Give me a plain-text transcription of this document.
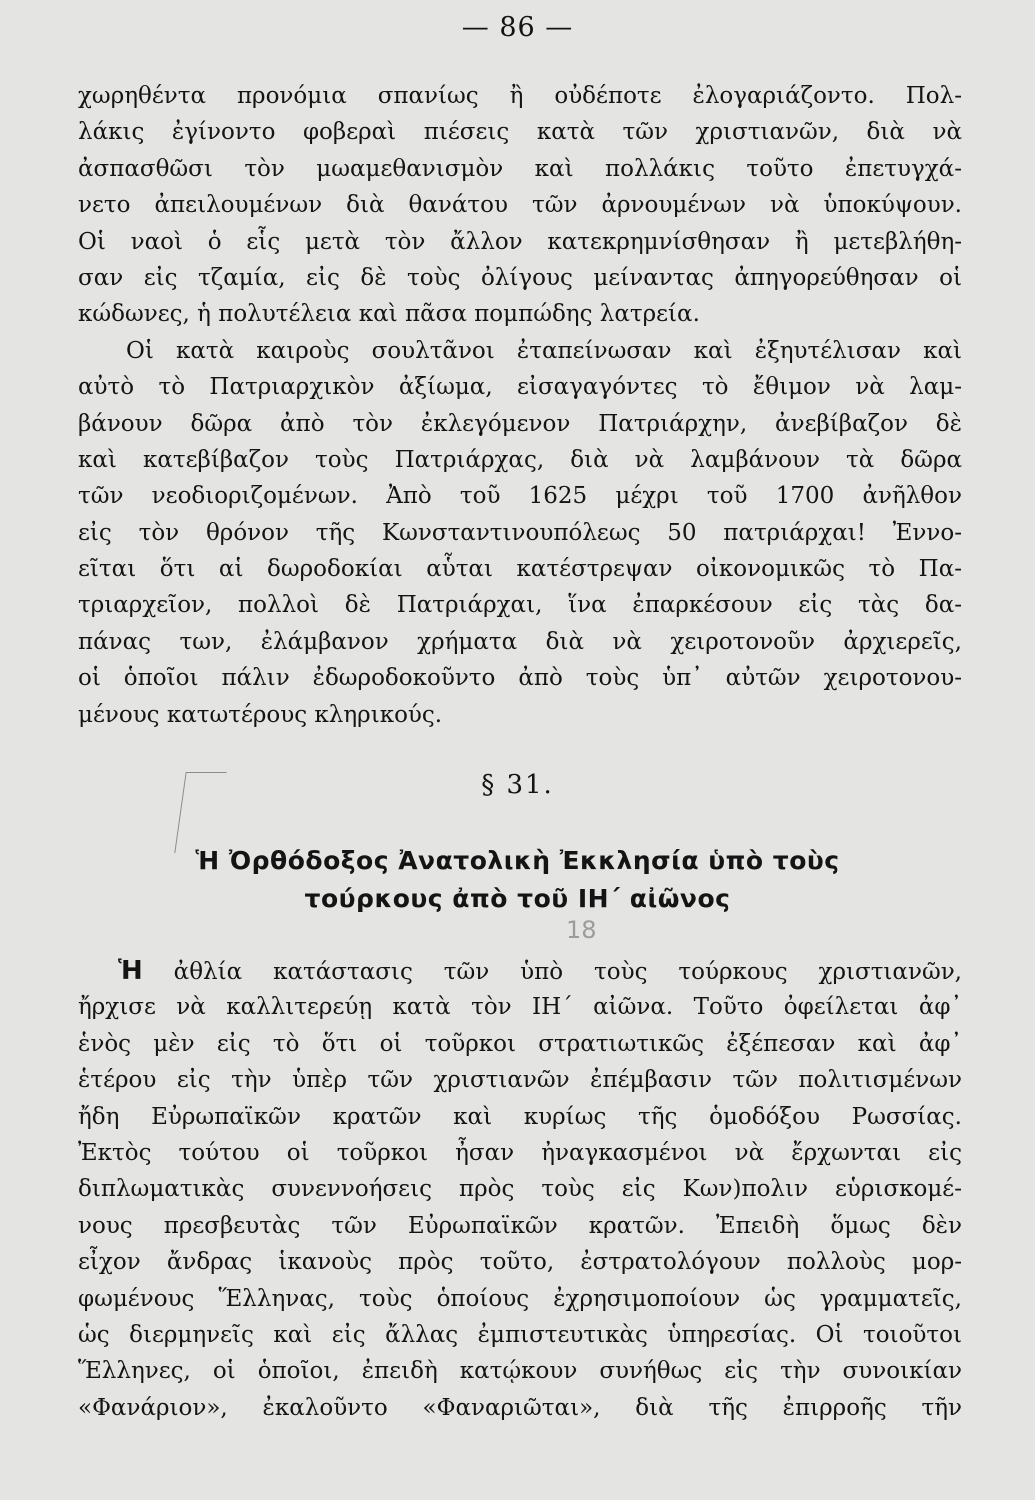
— 86 —
χωρηθέντα προνόμια σπανίως ἢ οὐδέποτε ἐλογαριάζοντο. Πολ-
λάκις ἐγίνοντο φοβεραὶ πιέσεις κατὰ τῶν χριστιανῶν, διὰ νὰ
ἀσπασθῶσι τὸν μωαμεθανισμὸν καὶ πολλάκις τοῦτο ἐπετυγχά-
νετο ἀπειλουμένων διὰ θανάτου τῶν ἀρνουμένων νὰ ὑποκύψουν.
Οἱ ναοὶ ὁ εἷς μετὰ τὸν ἄλλον κατεκρημνίσθησαν ἢ μετεβλήθη-
σαν εἰς τζαμία, εἰς δὲ τοὺς ὀλίγους μείναντας ἀπηγορεύθησαν οἱ
κώδωνες, ἡ πολυτέλεια καὶ πᾶσα πομπώδης λατρεία.
Οἱ κατὰ καιροὺς σουλτᾶνοι ἐταπείνωσαν καὶ ἐξηυτέλισαν καὶ
αὐτὸ τὸ Πατριαρχικὸν ἀξίωμα, εἰσαγαγόντες τὸ ἔθιμον νὰ λαμ-
βάνουν δῶρα ἀπὸ τὸν ἐκλεγόμενον Πατριάρχην, ἀνεβίβαζον δὲ
καὶ κατεβίβαζον τοὺς Πατριάρχας, διὰ νὰ λαμβάνουν τὰ δῶρα
τῶν νεοδιοριζομένων. Ἀπὸ τοῦ 1625 μέχρι τοῦ 1700 ἀνῆλθον
εἰς τὸν θρόνον τῆς Κωνσταντινουπόλεως 50 πατριάρχαι! Ἐννο-
εῖται ὅτι αἱ δωροδοκίαι αὗται κατέστρεψαν οἰκονομικῶς τὸ Πα-
τριαρχεῖον, πολλοὶ δὲ Πατριάρχαι, ἵνα ἐπαρκέσουν εἰς τὰς δα-
πάνας των, ἐλάμβανον χρήματα διὰ νὰ χειροτονοῦν ἀρχιερεῖς,
οἱ ὁποῖοι πάλιν ἐδωροδοκοῦντο ἀπὸ τοὺς ὑπ᾽ αὐτῶν χειροτονου-
μένους κατωτέρους κληρικούς.
§ 31.
Ἡ Ὀρθόδοξος Ἀνατολικὴ Ἐκκλησία ὑπὸ τοὺς
τούρκους ἀπὸ τοῦ ΙΗ΄ αἰῶνος
18
Ἡ ἀθλία κατάστασις τῶν ὑπὸ τοὺς τούρκους χριστιανῶν,
ἤρχισε νὰ καλλιτερεύῃ κατὰ τὸν ΙΗ΄ αἰῶνα. Τοῦτο ὀφείλεται ἀφ᾽
ἑνὸς μὲν εἰς τὸ ὅτι οἱ τοῦρκοι στρατιωτικῶς ἐξέπεσαν καὶ ἀφ᾽
ἑτέρου εἰς τὴν ὑπὲρ τῶν χριστιανῶν ἐπέμβασιν τῶν πολιτισμένων
ἤδη Εὐρωπαϊκῶν κρατῶν καὶ κυρίως τῆς ὁμοδόξου Ρωσσίας.
Ἐκτὸς τούτου οἱ τοῦρκοι ἦσαν ἠναγκασμένοι νὰ ἔρχωνται εἰς
διπλωματικὰς συνεννοήσεις πρὸς τοὺς εἰς Κων)πολιν εὑρισκομέ-
νους πρεσβευτὰς τῶν Εὐρωπαϊκῶν κρατῶν. Ἐπειδὴ ὅμως δὲν
εἶχον ἄνδρας ἱκανοὺς πρὸς τοῦτο, ἐστρατολόγουν πολλοὺς μορ-
φωμένους Ἕλληνας, τοὺς ὁποίους ἐχρησιμοποίουν ὡς γραμματεῖς,
ὡς διερμηνεῖς καὶ εἰς ἄλλας ἐμπιστευτικὰς ὑπηρεσίας. Οἱ τοιοῦτοι
Ἕλληνες, οἱ ὁποῖοι, ἐπειδὴ κατῴκουν συνήθως εἰς τὴν συνοικίαν
«Φανάριον», ἐκαλοῦντο «Φαναριῶται», διὰ τῆς ἐπιρροῆς τῆν
